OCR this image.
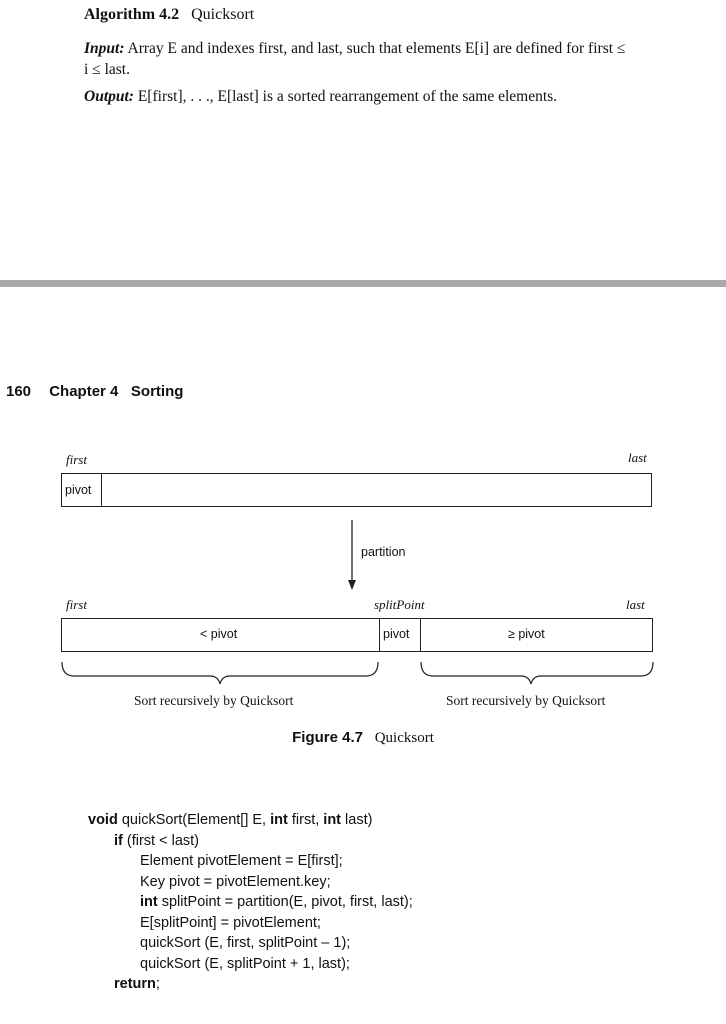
Algorithm 4.2 Quicksort
Input: Array E and indexes first, and last, such that elements E[i] are defined for first ≤
i ≤ last.
Output: E[first], . . ., E[last] is a sorted rearrangement of the same elements.
160 Chapter 4 Sorting
first	last
pivot
partition
first	splitPoint	last
< pivot	pivot	≥ pivot
Sort recursively by Quicksort	Sort recursively by Quicksort
Figure 4.7 Quicksort
void quickSort(Element[] E, int first, int last)
if (first < last)
Element pivotElement = E[first];
Key pivot = pivotElement.key;
int splitPoint = partition(E, pivot, first, last);
E[splitPoint] = pivotElement;
quickSort (E, first, splitPoint – 1);
quickSort (E, splitPoint + 1, last);
return;
